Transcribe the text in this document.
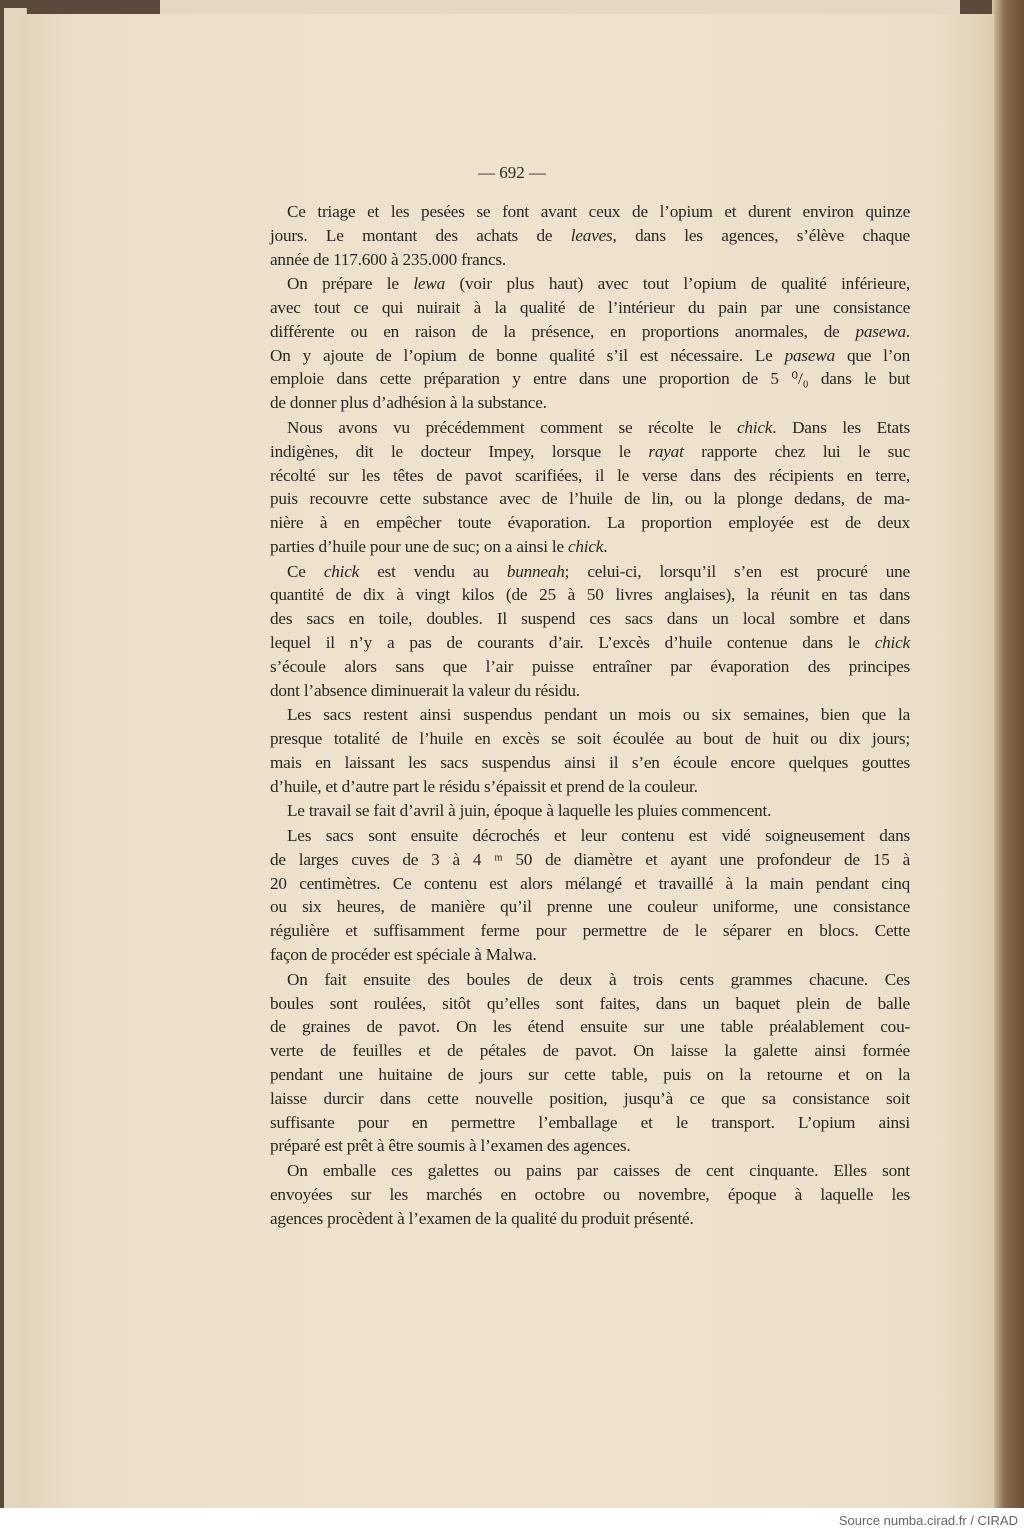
— 692 —
Ce triage et les pesées se font avant ceux de l’opium et durent environ quinze
jours. Le montant des achats de leaves, dans les agences, s’élève chaque
année de 117.600 à 235.000 francs.
On prépare le lewa (voir plus haut) avec tout l’opium de qualité inférieure,
avec tout ce qui nuirait à la qualité de l’intérieur du pain par une consistance
différente ou en raison de la présence, en proportions anormales, de pasewa.
On y ajoute de l’opium de bonne qualité s’il est nécessaire. Le pasewa que l’on
emploie dans cette préparation y entre dans une proportion de 5 ⁰/₀ dans le but
de donner plus d’adhésion à la substance.
Nous avons vu précédemment comment se récolte le chick. Dans les Etats
indigènes, dit le docteur Impey, lorsque le rayat rapporte chez lui le suc
récolté sur les têtes de pavot scarifiées, il le verse dans des récipients en terre,
puis recouvre cette substance avec de l’huile de lin, ou la plonge dedans, de ma-
nière à en empêcher toute évaporation. La proportion employée est de deux
parties d’huile pour une de suc; on a ainsi le chick.
Ce chick est vendu au bunneah; celui-ci, lorsqu’il s’en est procuré une
quantité de dix à vingt kilos (de 25 à 50 livres anglaises), la réunit en tas dans
des sacs en toile, doubles. Il suspend ces sacs dans un local sombre et dans
lequel il n’y a pas de courants d’air. L’excès d’huile contenue dans le chick
s’écoule alors sans que l’air puisse entraîner par évaporation des principes
dont l’absence diminuerait la valeur du résidu.
Les sacs restent ainsi suspendus pendant un mois ou six semaines, bien que la
presque totalité de l’huile en excès se soit écoulée au bout de huit ou dix jours;
mais en laissant les sacs suspendus ainsi il s’en écoule encore quelques gouttes
d’huile, et d’autre part le résidu s’épaissit et prend de la couleur.
Le travail se fait d’avril à juin, époque à laquelle les pluies commencent.
Les sacs sont ensuite décrochés et leur contenu est vidé soigneusement dans
de larges cuves de 3 à 4 ᵐ 50 de diamètre et ayant une profondeur de 15 à
20 centimètres. Ce contenu est alors mélangé et travaillé à la main pendant cinq
ou six heures, de manière qu’il prenne une couleur uniforme, une consistance
régulière et suffisamment ferme pour permettre de le séparer en blocs. Cette
façon de procéder est spéciale à Malwa.
On fait ensuite des boules de deux à trois cents grammes chacune. Ces
boules sont roulées, sitôt qu’elles sont faites, dans un baquet plein de balle
de graines de pavot. On les étend ensuite sur une table préalablement cou-
verte de feuilles et de pétales de pavot. On laisse la galette ainsi formée
pendant une huitaine de jours sur cette table, puis on la retourne et on la
laisse durcir dans cette nouvelle position, jusqu’à ce que sa consistance soit
suffisante pour en permettre l’emballage et le transport. L’opium ainsi
préparé est prêt à être soumis à l’examen des agences.
On emballe ces galettes ou pains par caisses de cent cinquante. Elles sont
envoyées sur les marchés en octobre ou novembre, époque à laquelle les
agences procèdent à l’examen de la qualité du produit présenté.
Source numba.cirad.fr / CIRAD
